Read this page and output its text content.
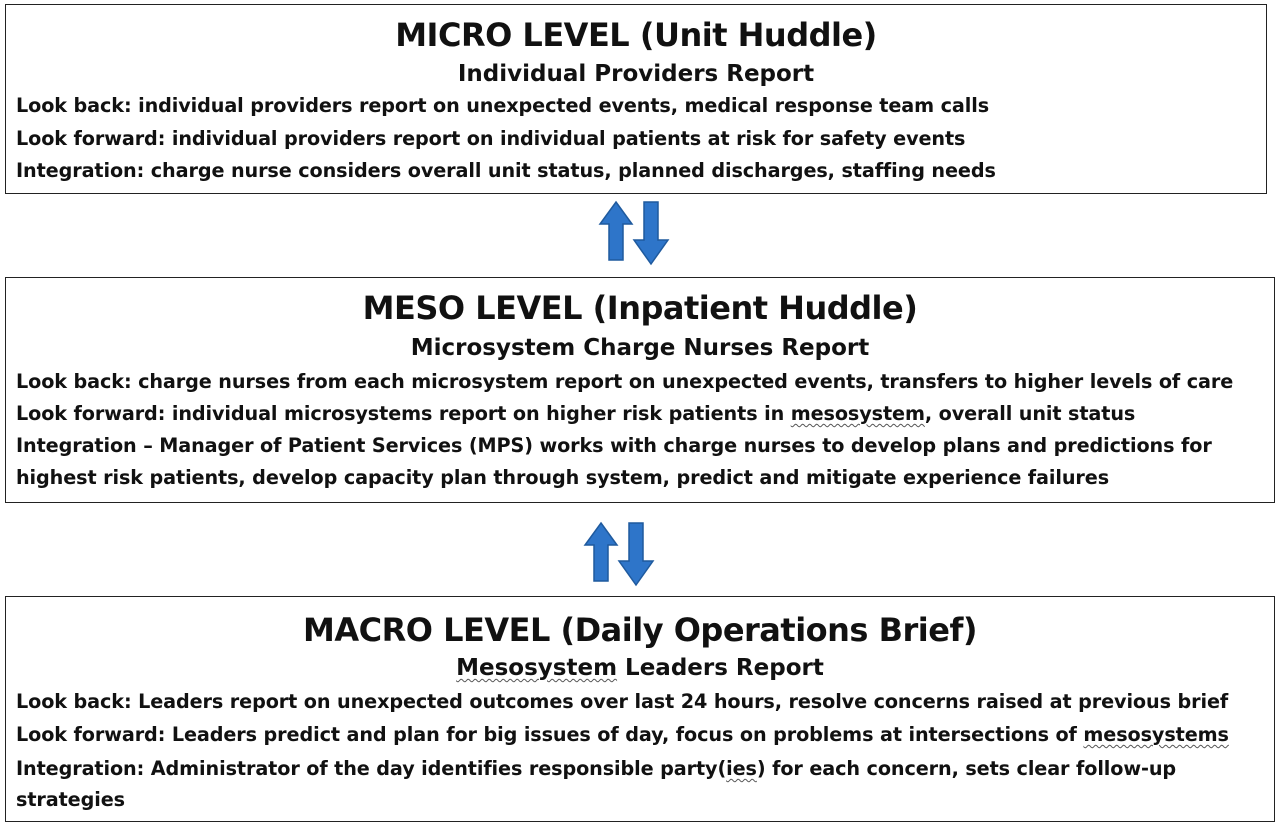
MICRO LEVEL (Unit Huddle)
Individual Providers Report
Look back: individual providers report on unexpected events, medical response team calls
Look forward: individual providers report on individual patients at risk for safety events
Integration: charge nurse considers overall unit status, planned discharges, staffing needs
MESO LEVEL (Inpatient Huddle)
Microsystem Charge Nurses Report
Look back: charge nurses from each microsystem report on unexpected events, transfers to higher levels of care
Look forward: individual microsystems report on higher risk patients in mesosystem, overall unit status
Integration – Manager of Patient Services (MPS) works with charge nurses to develop plans and predictions for
highest risk patients, develop capacity plan through system, predict and mitigate experience failures
MACRO LEVEL (Daily Operations Brief)
Mesosystem Leaders Report
Look back: Leaders report on unexpected outcomes over last 24 hours, resolve concerns raised at previous brief
Look forward: Leaders predict and plan for big issues of day, focus on problems at intersections of mesosystems
Integration: Administrator of the day identifies responsible party(ies) for each concern, sets clear follow-up
strategies
